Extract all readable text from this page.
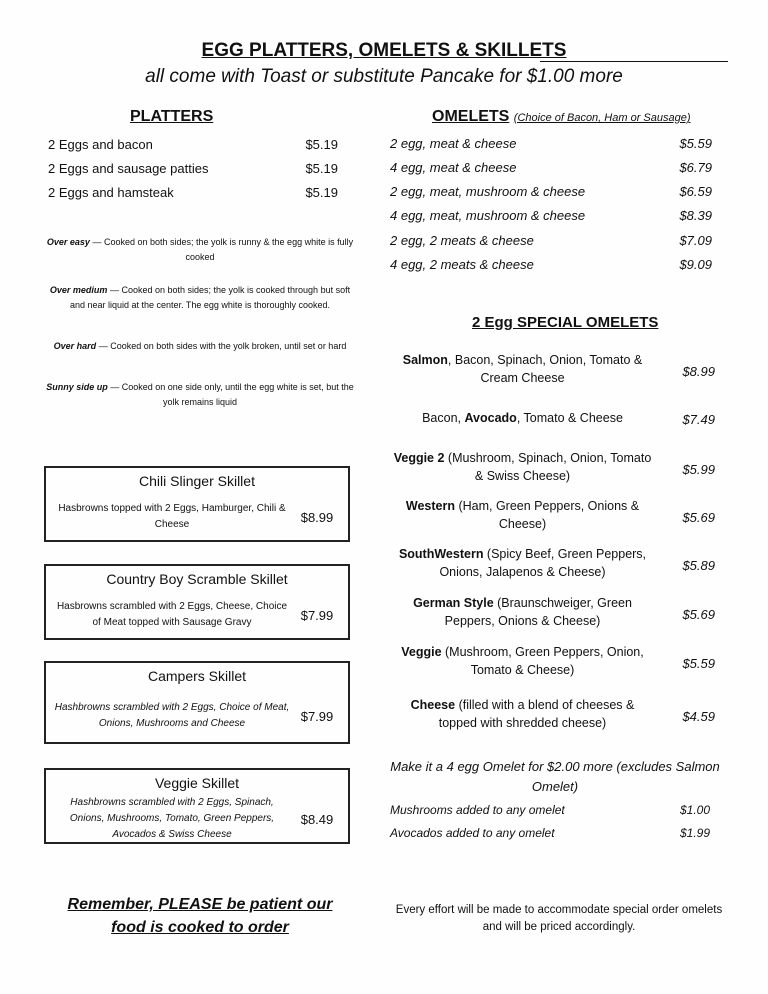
EGG PLATTERS, OMELETS & SKILLETS
all come with Toast or substitute Pancake for $1.00 more
PLATTERS
2 Eggs and bacon	$5.19
2 Eggs and sausage patties	$5.19
2 Eggs and hamsteak	$5.19
Over easy — Cooked on both sides; the yolk is runny & the egg white is fully cooked
Over medium — Cooked on both sides; the yolk is cooked through but soft and near liquid at the center. The egg white is thoroughly cooked.
Over hard — Cooked on both sides with the yolk broken, until set or hard
Sunny side up — Cooked on one side only, until the egg white is set, but the yolk remains liquid
OMELETS (Choice of Bacon, Ham or Sausage)
2 egg, meat & cheese	$5.59
4 egg, meat & cheese	$6.79
2 egg, meat, mushroom & cheese	$6.59
4 egg, meat, mushroom & cheese	$8.39
2 egg, 2 meats & cheese	$7.09
4 egg, 2 meats & cheese	$9.09
2 Egg SPECIAL OMELETS
Salmon, Bacon, Spinach, Onion, Tomato & Cream Cheese	$8.99
Bacon, Avocado, Tomato & Cheese	$7.49
Veggie 2 (Mushroom, Spinach, Onion, Tomato & Swiss Cheese)	$5.99
Western (Ham, Green Peppers, Onions & Cheese)	$5.69
SouthWestern (Spicy Beef, Green Peppers, Onions, Jalapenos & Cheese)	$5.89
German Style (Braunschweiger, Green Peppers, Onions & Cheese)	$5.69
Veggie (Mushroom, Green Peppers, Onion, Tomato & Cheese)	$5.59
Cheese (filled with a blend of cheeses & topped with shredded cheese)	$4.59
Make it a 4 egg Omelet for $2.00 more (excludes Salmon Omelet)
Mushrooms added to any omelet	$1.00
Avocados added to any omelet	$1.99
Chili Slinger Skillet
Hasbrowns topped with 2 Eggs, Hamburger, Chili & Cheese	$8.99
Country Boy Scramble Skillet
Hasbrowns scrambled with 2 Eggs, Cheese, Choice of Meat topped with Sausage Gravy	$7.99
Campers Skillet
Hashbrowns scrambled with 2 Eggs, Choice of Meat, Onions, Mushrooms and Cheese	$7.99
Veggie Skillet
Hashbrowns scrambled with 2 Eggs, Spinach, Onions, Mushrooms, Tomato, Green Peppers, Avocados & Swiss Cheese
$8.49
Remember, PLEASE be patient our
food is cooked to order
Every effort will be made to accommodate special order omelets and will be priced accordingly.
